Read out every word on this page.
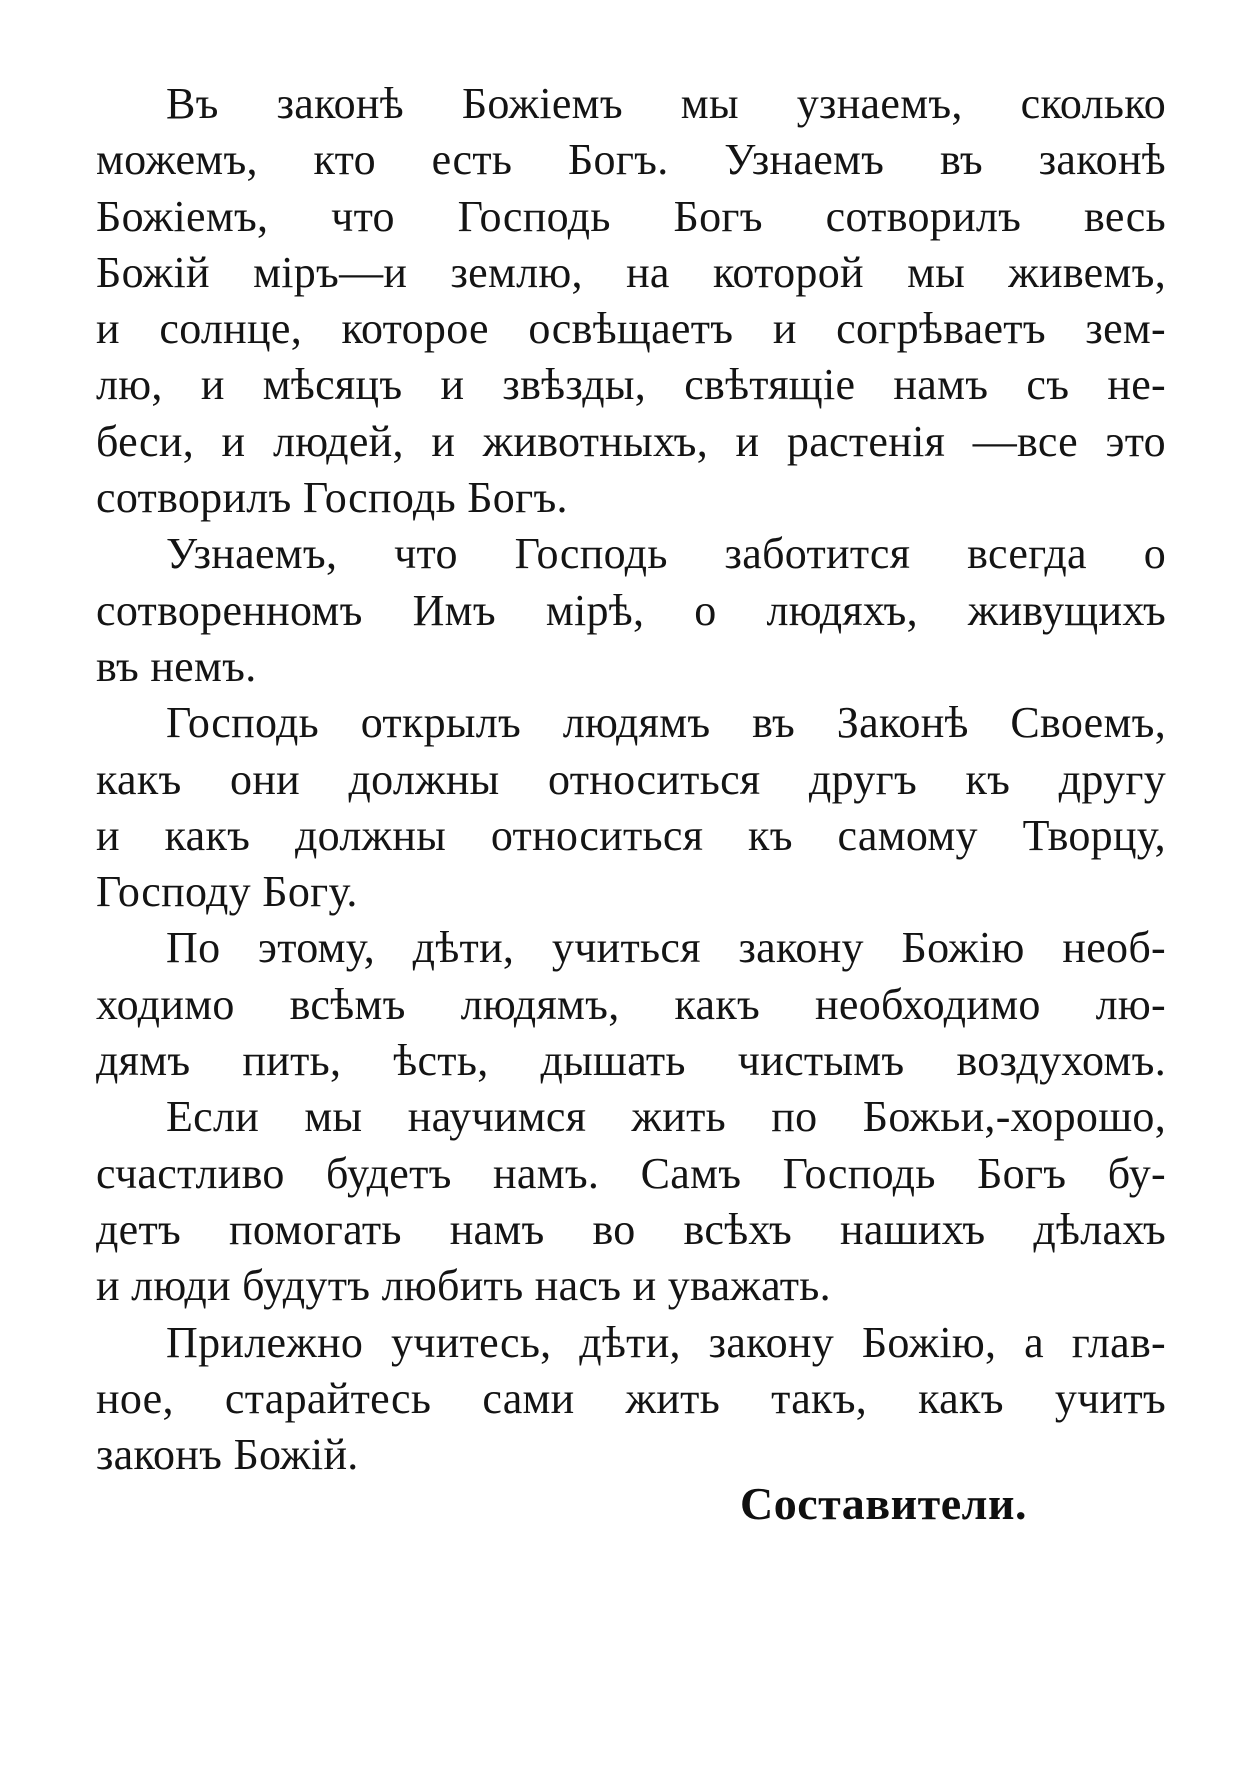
Въ законѣ Божіемъ мы узнаемъ, сколько
можемъ, кто есть Богъ. Узнаемъ въ законѣ
Божіемъ, что Господь Богъ сотворилъ весь
Божій міръ—и землю, на которой мы живемъ,
и солнце, которое освѣщаетъ и согрѣваетъ зем-
лю, и мѣсяцъ и звѣзды, свѣтящіе намъ съ не-
беси, и людей, и животныхъ, и растенія —все это
сотворилъ Господь Богъ.
Узнаемъ, что Господь заботится всегда о
сотворенномъ Имъ мірѣ, о людяхъ, живущихъ
въ немъ.
Господь открылъ людямъ въ Законѣ Своемъ,
какъ они должны относиться другъ къ другу
и какъ должны относиться къ самому Творцу,
Господу Богу.
По этому, дѣти, учиться закону Божію необ-
ходимо всѣмъ людямъ, какъ необходимо лю-
дямъ пить, ѣсть, дышать чистымъ воздухомъ.
Если мы научимся жить по Божьи,-хорошо,
счастливо будетъ намъ. Самъ Господь Богъ бу-
детъ помогать намъ во всѣхъ нашихъ дѣлахъ
и люди будутъ любить насъ и уважать.
Прилежно учитесь, дѣти, закону Божію, а глав-
ное, старайтесь сами жить такъ, какъ учитъ
законъ Божій.
Составители.
